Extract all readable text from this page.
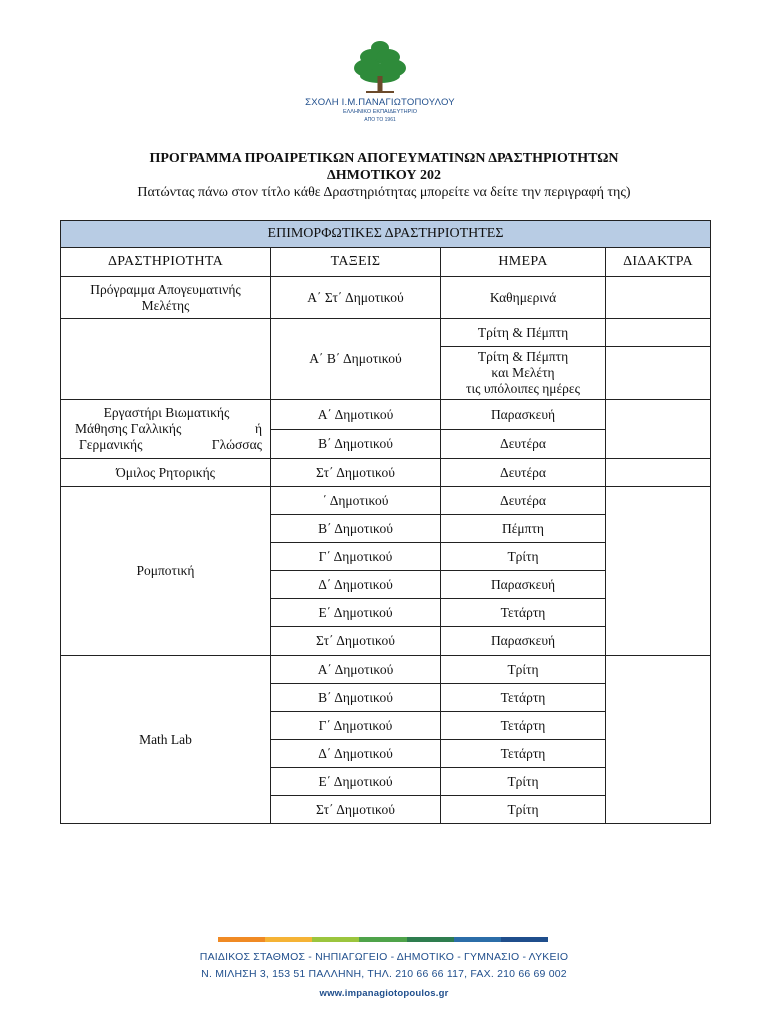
ΣΧΟΛΗ Ι.Μ.ΠΑΝΑΓΙΩΤΟΠΟΥΛΟΥ
ΕΛΛΗΝΙΚΟ ΕΚΠΑΙΔΕΥΤΗΡΙΟ
ΑΠΟ ΤΟ 1961
ΠΡΟΓΡΑΜΜΑ ΠΡΟΑΙΡΕΤΙΚΩΝ ΑΠΟΓΕΥΜΑΤΙΝΩΝ ΔΡΑΣΤΗΡΙΟΤΗΤΩΝ
ΔΗΜΟΤΙΚΟΥ 202
Πατώντας πάνω στον τίτλο κάθε Δραστηριότητας μπορείτε να δείτε την περιγραφή της)
ΕΠΙΜΟΡΦΩΤΙΚΕΣ ΔΡΑΣΤΗΡΙΟΤΗΤΕΣ			
ΔΡΑΣΤΗΡΙΟΤΗΤΑ	ΤΑΞΕΙΣ	ΗΜΕΡΑ	ΔΙΔΑΚΤΡΑ
Πρόγραμμα Απογευματινής Μελέτης	Α΄ Στ΄ Δημοτικού	Καθημερινά	
	Α΄ Β΄ Δημοτικού	Τρίτη & Πέμπτη	

		Τρίτη & Πέμπτη
και Μελέτη
τις υπόλοιπες ημέρες	

Εργαστήρι Βιωματικής
Μάθησης Γαλλικής ή
Γερμανικής Γλώσσας	Α΄ Δημοτικού	Παρασκευή	
	Β΄ Δημοτικού	Δευτέρα	
Όμιλος Ρητορικής	Στ΄ Δημοτικού	Δευτέρα	
Ρομποτική	΄ Δημοτικού	Δευτέρα	
	Β΄ Δημοτικού	Πέμπτη	
	Γ΄ Δημοτικού	Τρίτη	
	Δ΄ Δημοτικού	Παρασκευή	
	Ε΄ Δημοτικού	Τετάρτη	
	Στ΄ Δημοτικού	Παρασκευή	
Math Lab	Α΄ Δημοτικού	Τρίτη	
	Β΄ Δημοτικού	Τετάρτη	
	Γ΄ Δημοτικού	Τετάρτη	
	Δ΄ Δημοτικού	Τετάρτη	
	Ε΄ Δημοτικού	Τρίτη	
	Στ΄ Δημοτικού	Τρίτη	
ΠΑΙΔΙΚΟΣ ΣΤΑΘΜΟΣ - ΝΗΠΙΑΓΩΓΕΙΟ - ΔΗΜΟΤΙΚΟ - ΓΥΜΝΑΣΙΟ - ΛΥΚΕΙΟ
Ν. ΜΙΛΗΣΗ 3, 153 51 ΠΑΛΛΗΝΗ, ΤΗΛ. 210 66 66 117, FAX. 210 66 69 002
www.impanagiotopoulos.gr
